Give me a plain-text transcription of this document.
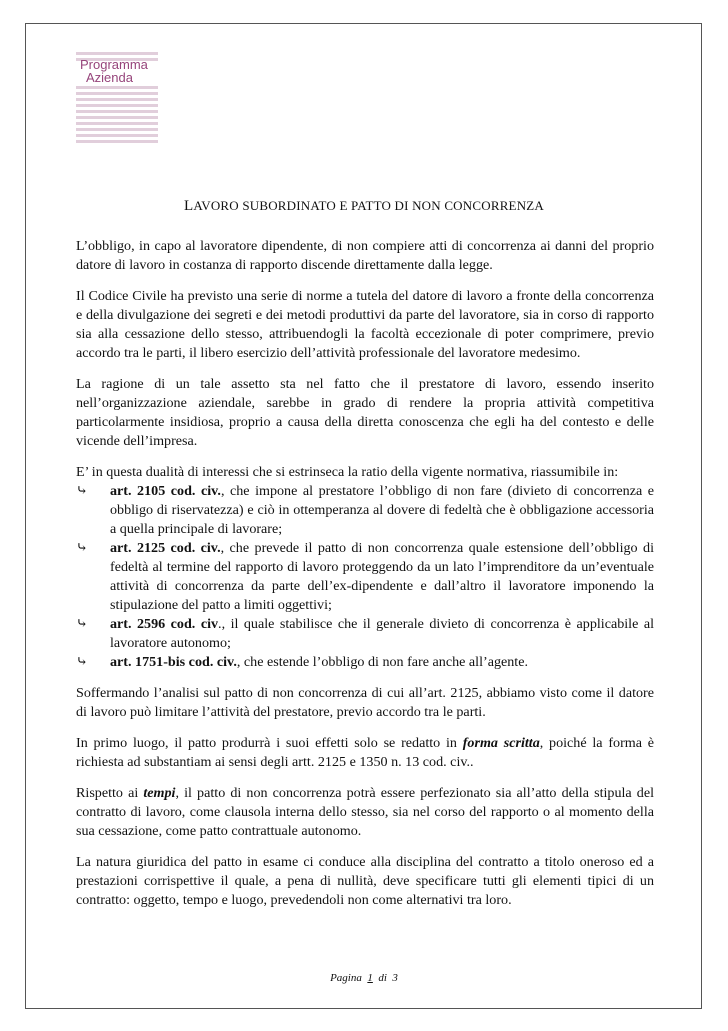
Programma
Azienda
LAVORO SUBORDINATO E PATTO DI NON CONCORRENZA

L’obbligo, in capo al lavoratore dipendente, di non compiere atti di concorrenza ai danni del proprio datore di lavoro in costanza di rapporto discende direttamente dalla legge.

Il Codice Civile ha previsto una serie di norme a tutela del datore di lavoro a fronte della concorrenza e della divulgazione dei segreti e dei metodi produttivi da parte del lavoratore, sia in corso di rapporto sia alla cessazione dello stesso, attribuendogli la facoltà eccezionale di poter comprimere, previo accordo tra le parti, il libero esercizio dell’attività professionale del lavoratore medesimo.

La ragione di un tale assetto sta nel fatto che il prestatore di lavoro, essendo inserito nell’organizzazione aziendale, sarebbe in grado di rendere la propria attività competitiva particolarmente insidiosa, proprio a causa della diretta conoscenza che egli ha del contesto e delle vicende dell’impresa.

E’ in questa dualità di interessi che si estrinseca la ratio della vigente normativa, riassumibile in:

⤷	art. 2105 cod. civ., che impone al prestatore l’obbligo di non fare (divieto di concorrenza e obbligo di riservatezza) e ciò in ottemperanza al dovere di fedeltà che è obbligazione accessoria a quella principale di lavorare;
⤷	art. 2125 cod. civ., che prevede il patto di non concorrenza quale estensione dell’obbligo di fedeltà al termine del rapporto di lavoro proteggendo da un lato l’imprenditore da un’eventuale attività di concorrenza da parte dell’ex-dipendente e dall’altro il lavoratore imponendo la stipulazione del patto a limiti oggettivi;
⤷	art. 2596 cod. civ., il quale stabilisce che il generale divieto di concorrenza è applicabile al lavoratore autonomo;
⤷	art. 1751-bis cod. civ., che estende l’obbligo di non fare anche all’agente.

Soffermando l’analisi sul patto di non concorrenza di cui all’art. 2125, abbiamo visto come il datore di lavoro può limitare l’attività del prestatore, previo accordo tra le parti.

In primo luogo, il patto produrrà i suoi effetti solo se redatto in forma scritta, poiché la forma è richiesta ad substantiam ai sensi degli artt. 2125 e 1350 n. 13 cod. civ..

Rispetto ai tempi, il patto di non concorrenza potrà essere perfezionato sia all’atto della stipula del contratto di lavoro, come clausola interna dello stesso, sia nel corso del rapporto o al momento della sua cessazione, come patto contrattuale autonomo.

La natura giuridica del patto in esame ci conduce alla disciplina del contratto a titolo oneroso ed a prestazioni corrispettive il quale, a pena di nullità, deve specificare tutti gli elementi tipici di un contratto: oggetto, tempo e luogo, prevedendoli non come alternativi tra loro.

Pagina 1 di 3
